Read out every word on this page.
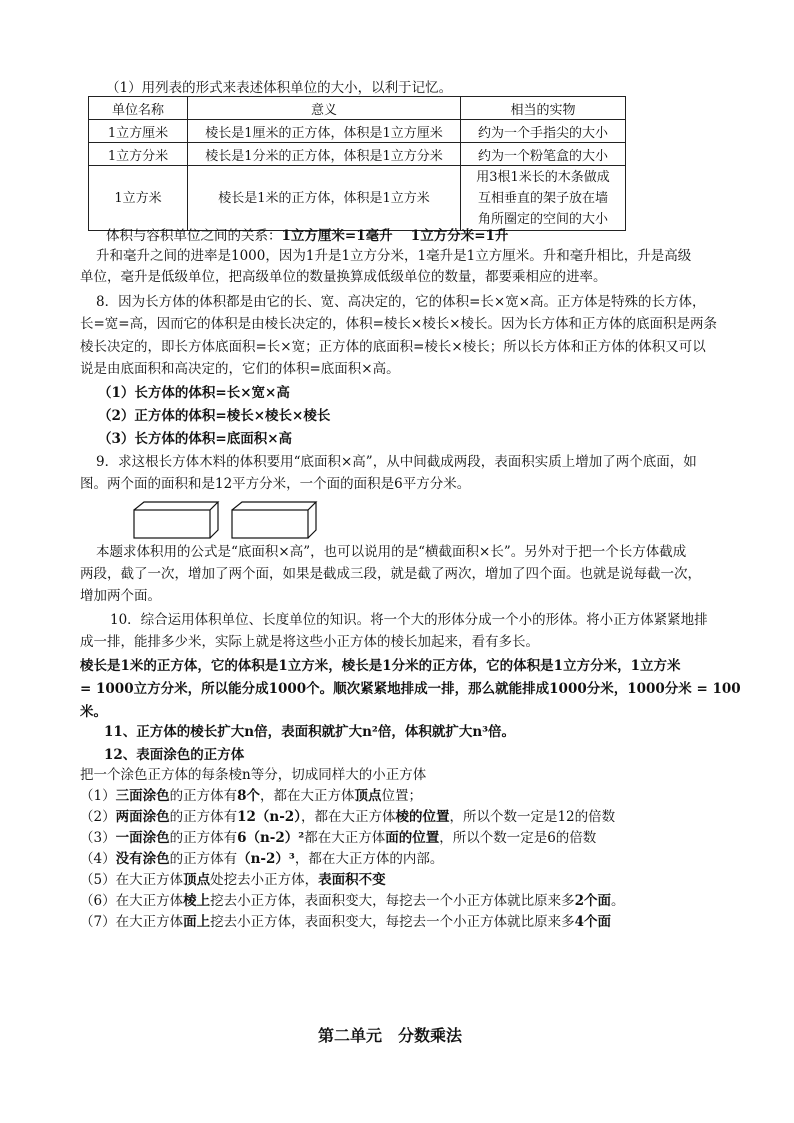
（1）用列表的形式来表述体积单位的大小，以利于记忆。
单位名称	意义	相当的实物
1立方厘米	棱长是1厘米的正方体，体积是1立方厘米	约为一个手指尖的大小
1立方分米	棱长是1分米的正方体，体积是1立方分米	约为一个粉笔盒的大小
1立方米	棱长是1米的正方体，体积是1立方米	用3根1米长的木条做成
互相垂直的架子放在墙
角所圈定的空间的大小
体积与容积单位之间的关系：1立方厘米=1毫升　 1立方分米=1升
升和毫升之间的进率是1000，因为1升是1立方分米，1毫升是1立方厘米。升和毫升相比，升是高级
单位，毫升是低级单位，把高级单位的数量换算成低级单位的数量，都要乘相应的进率。
8．因为长方体的体积都是由它的长、宽、高决定的，它的体积=长×宽×高。正方体是特殊的长方体，
长=宽=高，因而它的体积是由棱长决定的，体积=棱长×棱长×棱长。因为长方体和正方体的底面积是两条
棱长决定的，即长方体底面积=长×宽；正方体的底面积=棱长×棱长；所以长方体和正方体的体积又可以
说是由底面积和高决定的，它们的体积=底面积×高。
（1）长方体的体积=长×宽×高
（2）正方体的体积=棱长×棱长×棱长
（3）长方体的体积=底面积×高
9．求这根长方体木料的体积要用“底面积×高”，从中间截成两段，表面积实质上增加了两个底面，如
图。两个面的面积和是12平方分米，一个面的面积是6平方分米。
本题求体积用的公式是“底面积×高”，也可以说用的是“横截面积×长”。另外对于把一个长方体截成
两段，截了一次，增加了两个面，如果是截成三段，就是截了两次，增加了四个面。也就是说每截一次，
增加两个面。
10．综合运用体积单位、长度单位的知识。将一个大的形体分成一个小的形体。将小正方体紧紧地排
成一排，能排多少米，实际上就是将这些小正方体的棱长加起来，看有多长。
棱长是1米的正方体，它的体积是1立方米，棱长是1分米的正方体，它的体积是1立方分米，1立方米
= 1000立方分米，所以能分成1000个。顺次紧紧地排成一排，那么就能排成1000分米，1000分米 = 100
米。
11、正方体的棱长扩大n倍，表面积就扩大n²倍，体积就扩大n³倍。
12、表面涂色的正方体
把一个涂色正方体的每条棱n等分，切成同样大的小正方体
（1）三面涂色的正方体有8个，都在大正方体顶点位置；
（2）两面涂色的正方体有12（n-2），都在大正方体棱的位置，所以个数一定是12的倍数
（3）一面涂色的正方体有6（n-2）²都在大正方体面的位置，所以个数一定是6的倍数
（4）没有涂色的正方体有（n-2）³，都在大正方体的内部。
（5）在大正方体顶点处挖去小正方体，表面积不变
（6）在大正方体棱上挖去小正方体，表面积变大，每挖去一个小正方体就比原来多2个面。
（7）在大正方体面上挖去小正方体，表面积变大，每挖去一个小正方体就比原来多4个面
第二单元　分数乘法
